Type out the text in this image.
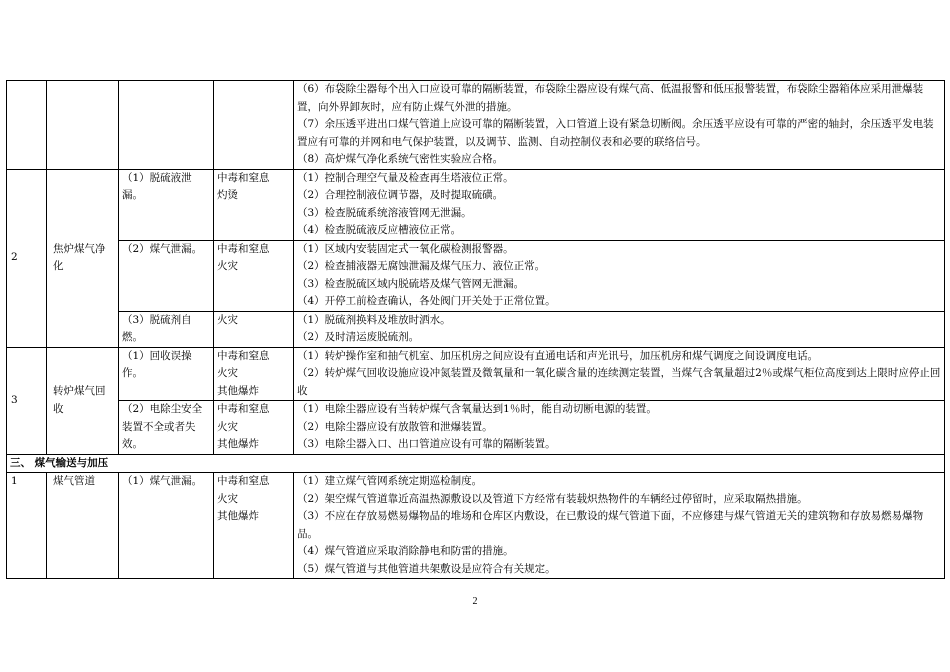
				（6）布袋除尘器每个出入口应设可靠的隔断装置，布袋除尘器应设有煤气高、低温报警和低压报警装置，布袋除尘器箱体应采用泄爆装置，向外界卸灰时，应有防止煤气外泄的措施。
（7）余压透平进出口煤气管道上应设可靠的隔断装置，入口管道上设有紧急切断阀。余压透平应设有可靠的严密的轴封，余压透平发电装置应有可靠的并网和电气保护装置，以及调节、监测、自动控制仪表和必要的联络信号。
（8）高炉煤气净化系统气密性实验应合格。

2	焦炉煤气净化	（1）脱硫液泄漏。	中毒和窒息
灼烫	（1）控制合理空气量及检查再生塔液位正常。
（2）合理控制液位调节器，及时提取硫磺。
（3）检查脱硫系统溶液管网无泄漏。
（4）检查脱硫液反应槽液位正常。

		（2）煤气泄漏。	中毒和窒息
火灾	（1）区域内安装固定式一氧化碳检测报警器。
（2）检查捕液器无腐蚀泄漏及煤气压力、液位正常。
（3）检查脱硫区域内脱硫塔及煤气管网无泄漏。
（4）开停工前检查确认，各处阀门开关处于正常位置。

		（3）脱硫剂自燃。	火灾	（1）脱硫剂换料及堆放时洒水。
（2）及时清运废脱硫剂。

3	转炉煤气回收	（1）回收误操作。	中毒和窒息
火灾
其他爆炸	（1）转炉操作室和抽气机室、加压机房之间应设有直通电话和声光讯号，加压机房和煤气调度之间设调度电话。
（2）转炉煤气回收设施应设冲氮装置及微氧量和一氧化碳含量的连续测定装置，当煤气含氧量超过2％或煤气柜位高度到达上限时应停止回收

		（2）电除尘安全装置不全或者失效。	中毒和窒息
火灾
其他爆炸	（1）电除尘器应设有当转炉煤气含氧量达到1％时，能自动切断电源的装置。
（2）电除尘器应设有放散管和泄爆装置。
（3）电除尘器入口、出口管道应设有可靠的隔断装置。

三、 煤气输送与加压				
1	煤气管道	（1）煤气泄漏。	中毒和窒息
火灾
其他爆炸	（1）建立煤气管网系统定期巡检制度。
（2）架空煤气管道靠近高温热源敷设以及管道下方经常有装载炽热物件的车辆经过停留时，应采取隔热措施。
（3）不应在存放易燃易爆物品的堆场和仓库区内敷设，在已敷设的煤气管道下面，不应修建与煤气管道无关的建筑物和存放易燃易爆物品。
（4）煤气管道应采取消除静电和防雷的措施。
（5）煤气管道与其他管道共架敷设是应符合有关规定。
2
